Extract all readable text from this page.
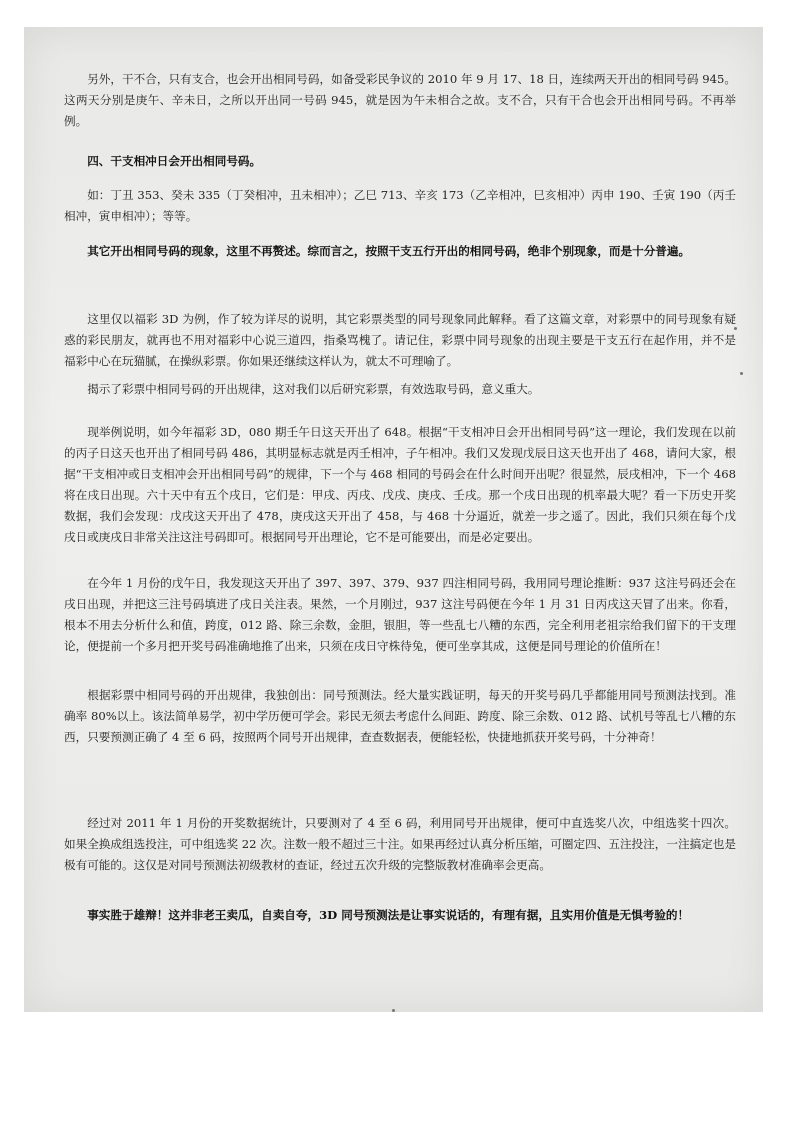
另外，干不合，只有支合，也会开出相同号码，如备受彩民争议的 2010 年 9 月 17、18 日，连续两天开出的相同号码 945。这两天分别是庚午、辛未日，之所以开出同一号码 945，就是因为午未相合之故。支不合，只有干合也会开出相同号码。不再举例。

四、干支相冲日会开出相同号码。

如：丁丑 353、癸未 335（丁癸相冲，丑未相冲）；乙巳 713、辛亥 173（乙辛相冲，巳亥相冲）丙申 190、壬寅 190（丙壬相冲，寅申相冲）；等等。

其它开出相同号码的现象，这里不再赘述。综而言之，按照干支五行开出的相同号码，绝非个别现象，而是十分普遍。

这里仅以福彩 3D 为例，作了较为详尽的说明，其它彩票类型的同号现象同此解释。看了这篇文章，对彩票中的同号现象有疑惑的彩民朋友，就再也不用对福彩中心说三道四，指桑骂槐了。请记住，彩票中同号现象的出现主要是干支五行在起作用，并不是福彩中心在玩猫腻，在操纵彩票。你如果还继续这样认为，就太不可理喻了。

揭示了彩票中相同号码的开出规律，这对我们以后研究彩票，有效选取号码，意义重大。

现举例说明，如今年福彩 3D，080 期壬午日这天开出了 648。根据“干支相冲日会开出相同号码”这一理论，我们发现在以前的丙子日这天也开出了相同号码 486，其明显标志就是丙壬相冲，子午相冲。我们又发现戊辰日这天也开出了 468，请问大家，根据“干支相冲或日支相冲会开出相同号码”的规律，下一个与 468 相同的号码会在什么时间开出呢？很显然，辰戌相冲，下一个 468 将在戌日出现。六十天中有五个戌日，它们是：甲戌、丙戌、戊戌、庚戌、壬戌。那一个戌日出现的机率最大呢？看一下历史开奖数据，我们会发现：戊戌这天开出了 478，庚戌这天开出了 458，与 468 十分逼近，就差一步之遥了。因此，我们只须在每个戊戌日或庚戌日非常关注这注号码即可。根据同号开出理论，它不是可能要出，而是必定要出。

在今年 1 月份的戊午日，我发现这天开出了 397、397、379、937 四注相同号码，我用同号理论推断：937 这注号码还会在戌日出现，并把这三注号码填进了戌日关注表。果然，一个月刚过，937 这注号码便在今年 1 月 31 日丙戌这天冒了出来。你看，根本不用去分析什么和值，跨度，012 路、除三余数，金胆，银胆，等一些乱七八糟的东西，完全利用老祖宗给我们留下的干支理论，便提前一个多月把开奖号码准确地推了出来，只须在戌日守株待兔，便可坐享其成，这便是同号理论的价值所在！

根据彩票中相同号码的开出规律，我独创出：同号预测法。经大量实践证明，每天的开奖号码几乎都能用同号预测法找到。准确率 80%以上。该法简单易学，初中学历便可学会。彩民无须去考虑什么间距、跨度、除三余数、012 路、试机号等乱七八糟的东西，只要预测正确了 4 至 6 码，按照两个同号开出规律，查查数据表，便能轻松，快捷地抓获开奖号码，十分神奇！

经过对 2011 年 1 月份的开奖数据统计，只要测对了 4 至 6 码，利用同号开出规律，便可中直选奖八次，中组选奖十四次。如果全换成组选投注，可中组选奖 22 次。注数一般不超过三十注。如果再经过认真分析压缩，可圈定四、五注投注，一注搞定也是极有可能的。这仅是对同号预测法初级教材的查证，经过五次升级的完整版教材准确率会更高。

事实胜于雄辩！这并非老王卖瓜，自卖自夸，3D 同号预测法是让事实说话的，有理有据，且实用价值是无惧考验的！
